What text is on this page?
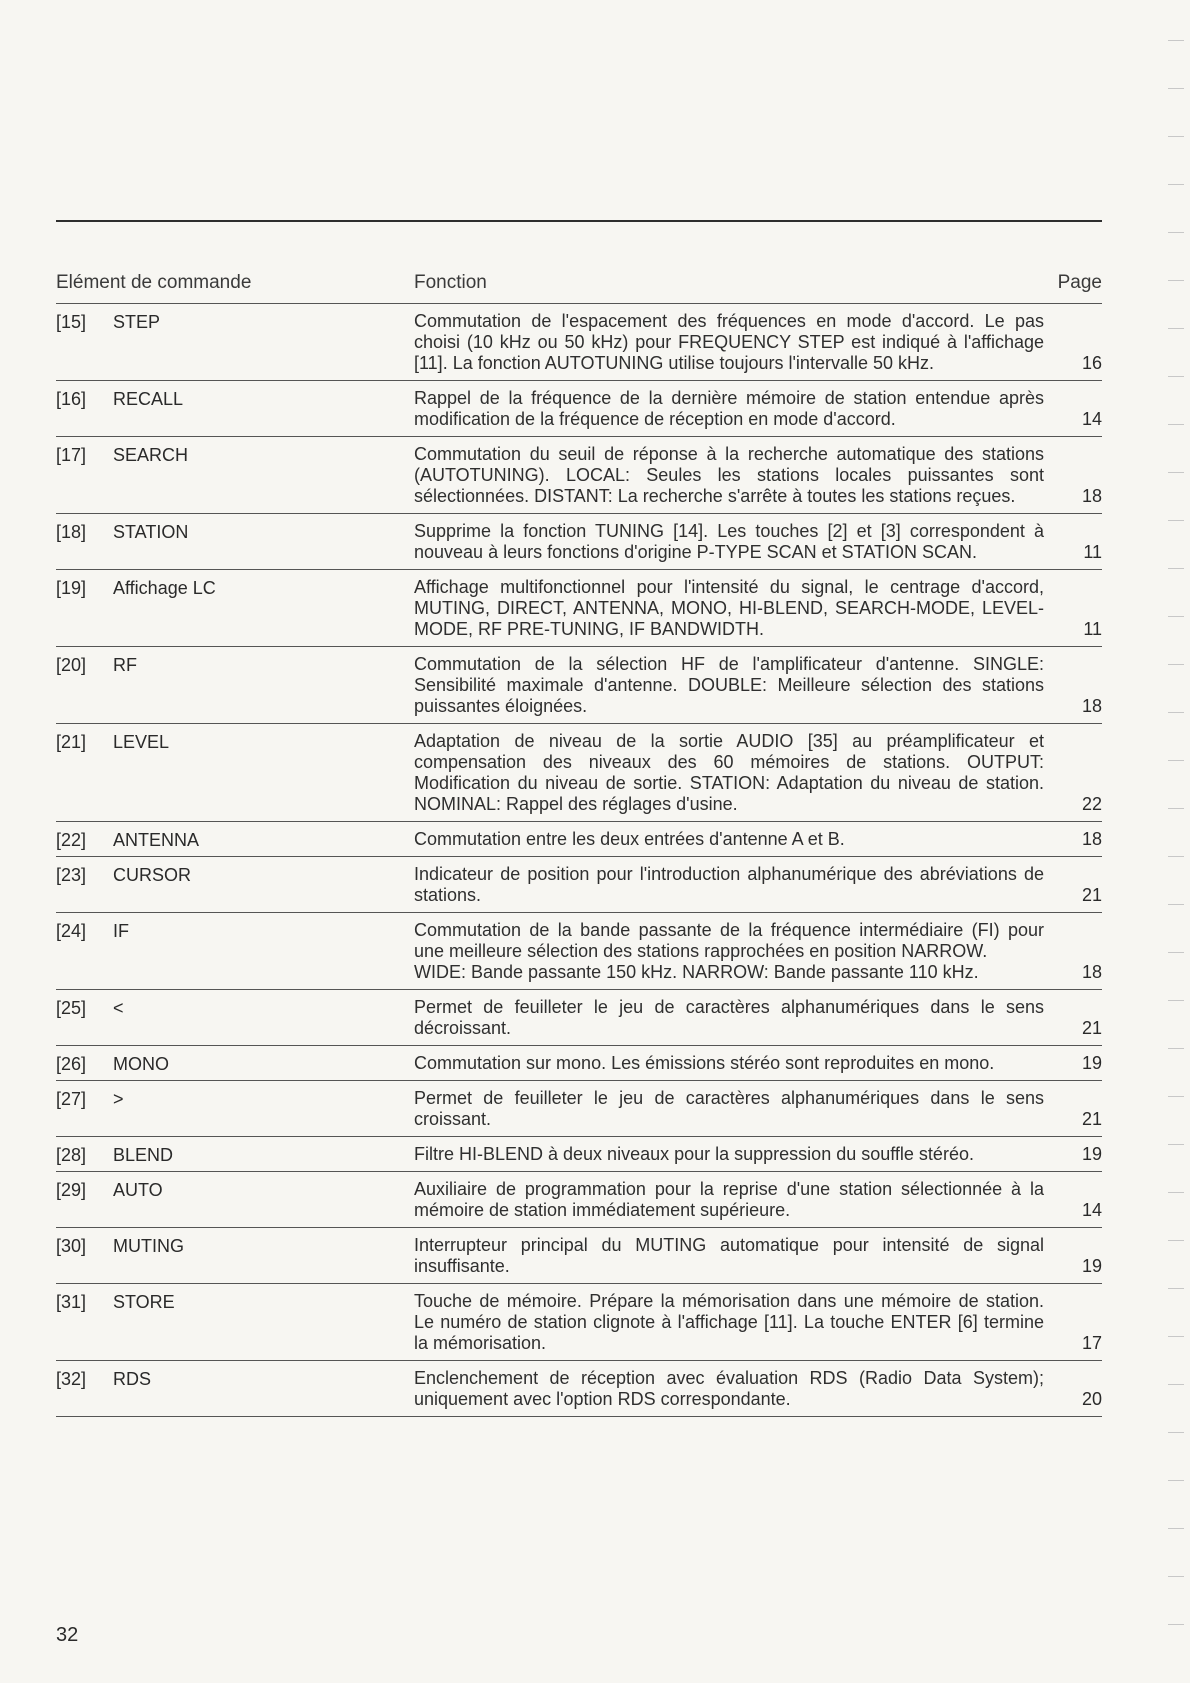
Elément de commande	Fonction	Page
[15] STEP	Commutation de l'espacement des fréquences en mode d'accord. Le pas choisi (10 kHz ou 50 kHz) pour FREQUENCY STEP est indiqué à l'affichage [11]. La fonction AUTOTUNING utilise toujours l'intervalle 50 kHz.	16
[16] RECALL	Rappel de la fréquence de la dernière mémoire de station entendue après modification de la fréquence de réception en mode d'accord.	14
[17] SEARCH	Commutation du seuil de réponse à la recherche automatique des stations (AUTOTUNING). LOCAL: Seules les stations locales puissantes sont sélectionnées. DISTANT: La recherche s'arrête à toutes les stations reçues.	18
[18] STATION	Supprime la fonction TUNING [14]. Les touches [2] et [3] correspondent à nouveau à leurs fonctions d'origine P-TYPE SCAN et STATION SCAN.	11
[19] Affichage LC	Affichage multifonctionnel pour l'intensité du signal, le centrage d'accord, MUTING, DIRECT, ANTENNA, MONO, HI-BLEND, SEARCH-MODE, LEVEL-MODE, RF PRE-TUNING, IF BANDWIDTH.	11
[20] RF	Commutation de la sélection HF de l'amplificateur d'antenne. SINGLE: Sensibilité maximale d'antenne. DOUBLE: Meilleure sélection des stations puissantes éloignées.	18
[21] LEVEL	Adaptation de niveau de la sortie AUDIO [35] au préamplificateur et compensation des niveaux des 60 mémoires de stations. OUTPUT: Modification du niveau de sortie. STATION: Adaptation du niveau de station. NOMINAL: Rappel des réglages d'usine.	22
[22] ANTENNA	Commutation entre les deux entrées d'antenne A et B.	18
[23] CURSOR	Indicateur de position pour l'introduction alphanumérique des abréviations de stations.	21
[24] IF	Commutation de la bande passante de la fréquence intermédiaire (FI) pour une meilleure sélection des stations rapprochées en position NARROW.
WIDE: Bande passante 150 kHz. NARROW: Bande passante 110 kHz.	18
[25] <	Permet de feuilleter le jeu de caractères alphanumériques dans le sens décroissant.	21
[26] MONO	Commutation sur mono. Les émissions stéréo sont reproduites en mono.	19
[27] >	Permet de feuilleter le jeu de caractères alphanumériques dans le sens croissant.	21
[28] BLEND	Filtre HI-BLEND à deux niveaux pour la suppression du souffle stéréo.	19
[29] AUTO	Auxiliaire de programmation pour la reprise d'une station sélectionnée à la mémoire de station immédiatement supérieure.	14
[30] MUTING	Interrupteur principal du MUTING automatique pour intensité de signal insuffisante.	19
[31] STORE	Touche de mémoire. Prépare la mémorisation dans une mémoire de station. Le numéro de station clignote à l'affichage [11]. La touche ENTER [6] termine la mémorisation.	17
[32] RDS	Enclenchement de réception avec évaluation RDS (Radio Data System); uniquement avec l'option RDS correspondante.	20
32
